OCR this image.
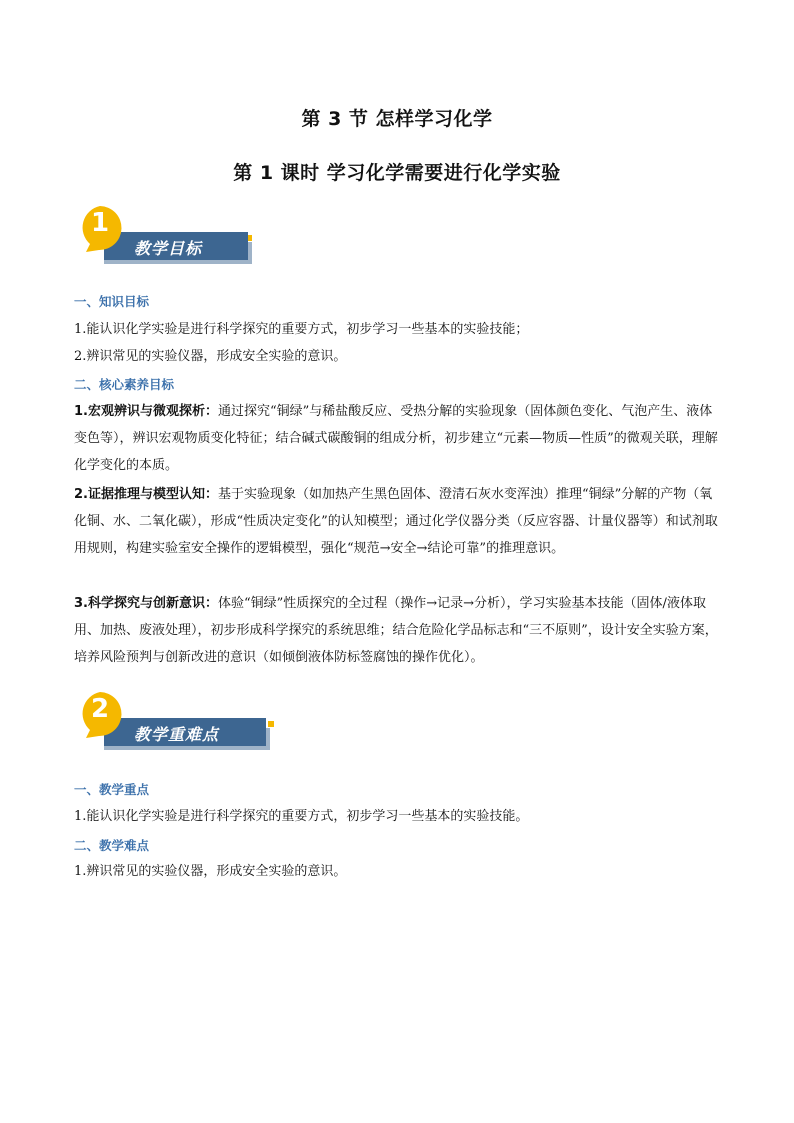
第 3 节 怎样学习化学
第 1 课时 学习化学需要进行化学实验
1
教学目标
一、知识目标
1.能认识化学实验是进行科学探究的重要方式，初步学习一些基本的实验技能；
2.辨识常见的实验仪器，形成安全实验的意识。
二、核心素养目标
1.宏观辨识与微观探析：通过探究“铜绿”与稀盐酸反应、受热分解的实验现象（固体颜色变化、气泡产生、液体变色等），辨识宏观物质变化特征；结合碱式碳酸铜的组成分析，初步建立“元素—物质—性质”的微观关联，理解化学变化的本质。
2.证据推理与模型认知：基于实验现象（如加热产生黑色固体、澄清石灰水变浑浊）推理“铜绿”分解的产物（氧化铜、水、二氧化碳），形成“性质决定变化”的认知模型；通过化学仪器分类（反应容器、计量仪器等）和试剂取用规则，构建实验室安全操作的逻辑模型，强化“规范→安全→结论可靠”的推理意识。
3.科学探究与创新意识：体验“铜绿”性质探究的全过程（操作→记录→分析），学习实验基本技能（固体/液体取用、加热、废液处理），初步形成科学探究的系统思维；结合危险化学品标志和“三不原则”，设计安全实验方案，培养风险预判与创新改进的意识（如倾倒液体防标签腐蚀的操作优化）。
2
教学重难点
一、教学重点
1.能认识化学实验是进行科学探究的重要方式，初步学习一些基本的实验技能。
二、教学难点
1.辨识常见的实验仪器，形成安全实验的意识。
